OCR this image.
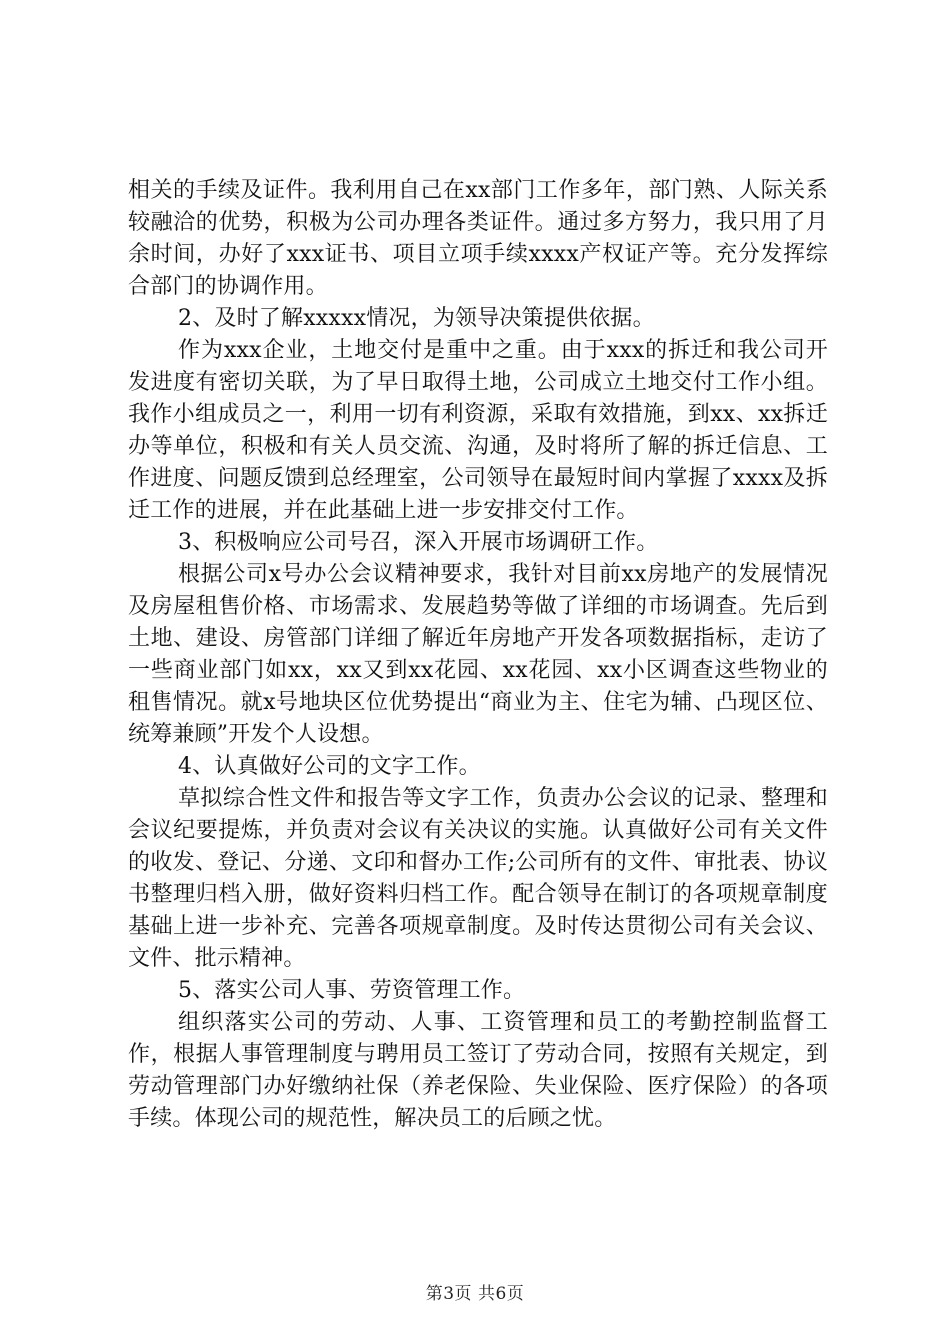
相关的手续及证件。我利用自己在xx部门工作多年，部门熟、人际关系较融洽的优势，积极为公司办理各类证件。通过多方努力，我只用了月余时间，办好了xxx证书、项目立项手续xxxx产权证产等。充分发挥综合部门的协调作用。

2、及时了解xxxxx情况，为领导决策提供依据。

作为xxx企业，土地交付是重中之重。由于xxx的拆迁和我公司开发进度有密切关联，为了早日取得土地，公司成立土地交付工作小组。我作小组成员之一，利用一切有利资源，采取有效措施，到xx、xx拆迁办等单位，积极和有关人员交流、沟通，及时将所了解的拆迁信息、工作进度、问题反馈到总经理室，公司领导在最短时间内掌握了xxxx及拆迁工作的进展，并在此基础上进一步安排交付工作。

3、积极响应公司号召，深入开展市场调研工作。

根据公司x号办公会议精神要求，我针对目前xx房地产的发展情况及房屋租售价格、市场需求、发展趋势等做了详细的市场调查。先后到土地、建设、房管部门详细了解近年房地产开发各项数据指标，走访了一些商业部门如xx，xx又到xx花园、xx花园、xx小区调查这些物业的租售情况。就x号地块区位优势提出“商业为主、住宅为辅、凸现区位、统筹兼顾”开发个人设想。

4、认真做好公司的文字工作。

草拟综合性文件和报告等文字工作，负责办公会议的记录、整理和会议纪要提炼，并负责对会议有关决议的实施。认真做好公司有关文件的收发、登记、分递、文印和督办工作;公司所有的文件、审批表、协议书整理归档入册，做好资料归档工作。配合领导在制订的各项规章制度基础上进一步补充、完善各项规章制度。及时传达贯彻公司有关会议、文件、批示精神。

5、落实公司人事、劳资管理工作。

组织落实公司的劳动、人事、工资管理和员工的考勤控制监督工作，根据人事管理制度与聘用员工签订了劳动合同，按照有关规定，到劳动管理部门办好缴纳社保（养老保险、失业保险、医疗保险）的各项手续。体现公司的规范性，解决员工的后顾之忧。

第3页 共6页
